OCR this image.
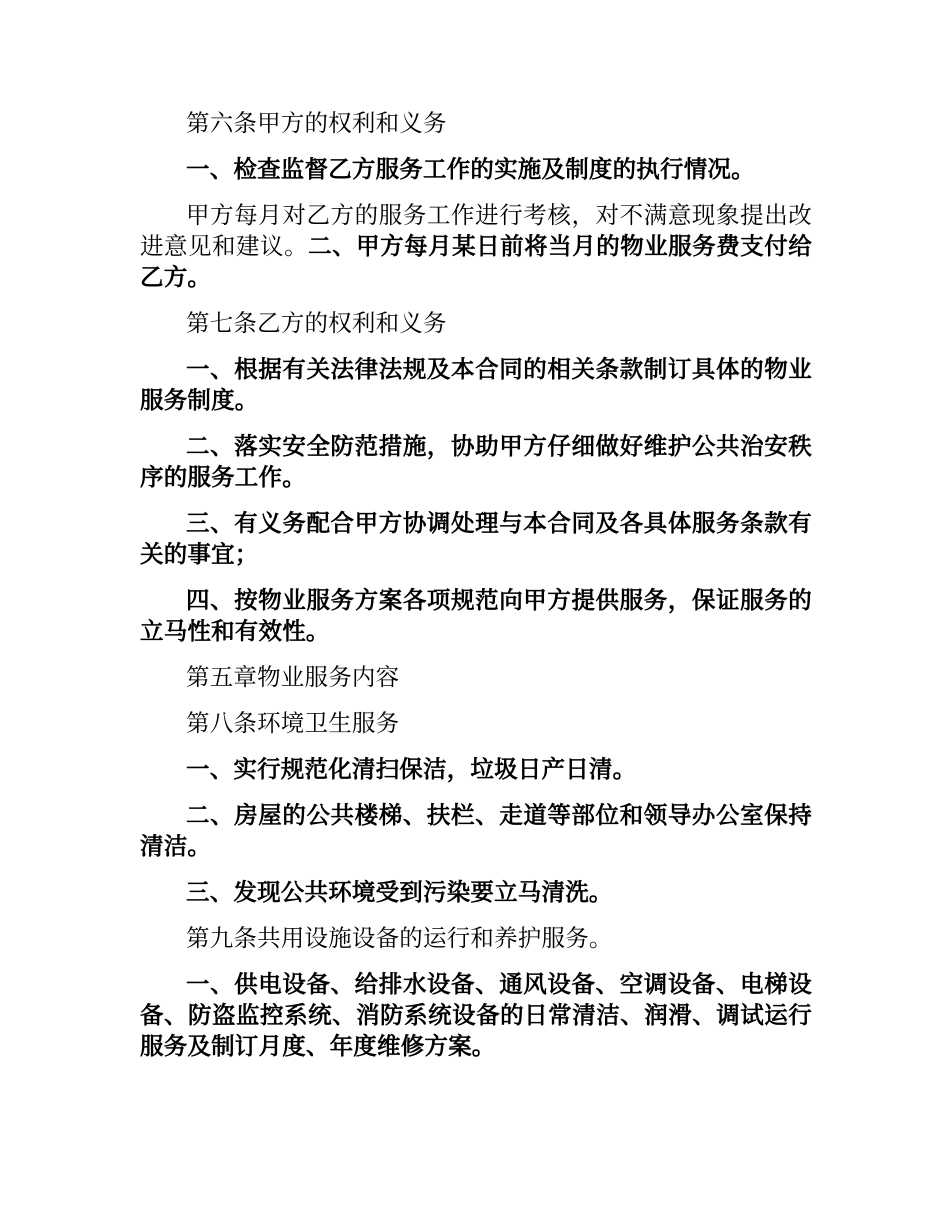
第六条甲方的权利和义务

一、检查监督乙方服务工作的实施及制度的执行情况。

甲方每月对乙方的服务工作进行考核，对不满意现象提出改进意见和建议。二、甲方每月某日前将当月的物业服务费支付给乙方。

第七条乙方的权利和义务

一、根据有关法律法规及本合同的相关条款制订具体的物业服务制度。

二、落实安全防范措施，协助甲方仔细做好维护公共治安秩序的服务工作。

三、有义务配合甲方协调处理与本合同及各具体服务条款有关的事宜；

四、按物业服务方案各项规范向甲方提供服务，保证服务的立马性和有效性。

第五章物业服务内容

第八条环境卫生服务

一、实行规范化清扫保洁，垃圾日产日清。

二、房屋的公共楼梯、扶栏、走道等部位和领导办公室保持清洁。

三、发现公共环境受到污染要立马清洗。

第九条共用设施设备的运行和养护服务。

一、供电设备、给排水设备、通风设备、空调设备、电梯设备、防盗监控系统、消防系统设备的日常清洁、润滑、调试运行服务及制订月度、年度维修方案。
